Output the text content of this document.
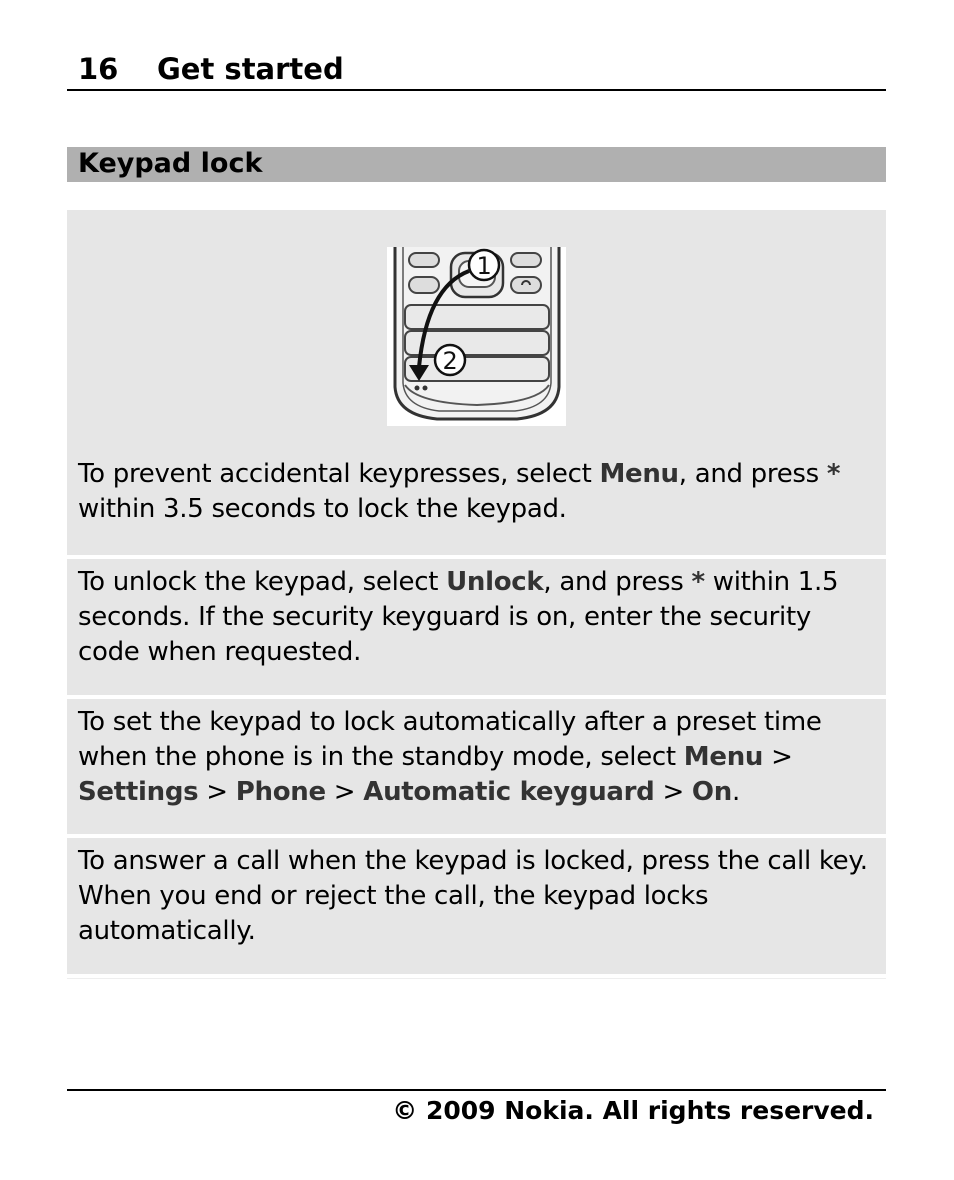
16 Get started
Keypad lock
1
2
To prevent accidental keypresses, select Menu, and press * within 3.5 seconds to lock the keypad.
To unlock the keypad, select Unlock, and press * within 1.5 seconds. If the security keyguard is on, enter the security code when requested.
To set the keypad to lock automatically after a preset time when the phone is in the standby mode, select Menu > Settings > Phone > Automatic keyguard > On.
To answer a call when the keypad is locked, press the call key. When you end or reject the call, the keypad locks automatically.
© 2009 Nokia. All rights reserved.
